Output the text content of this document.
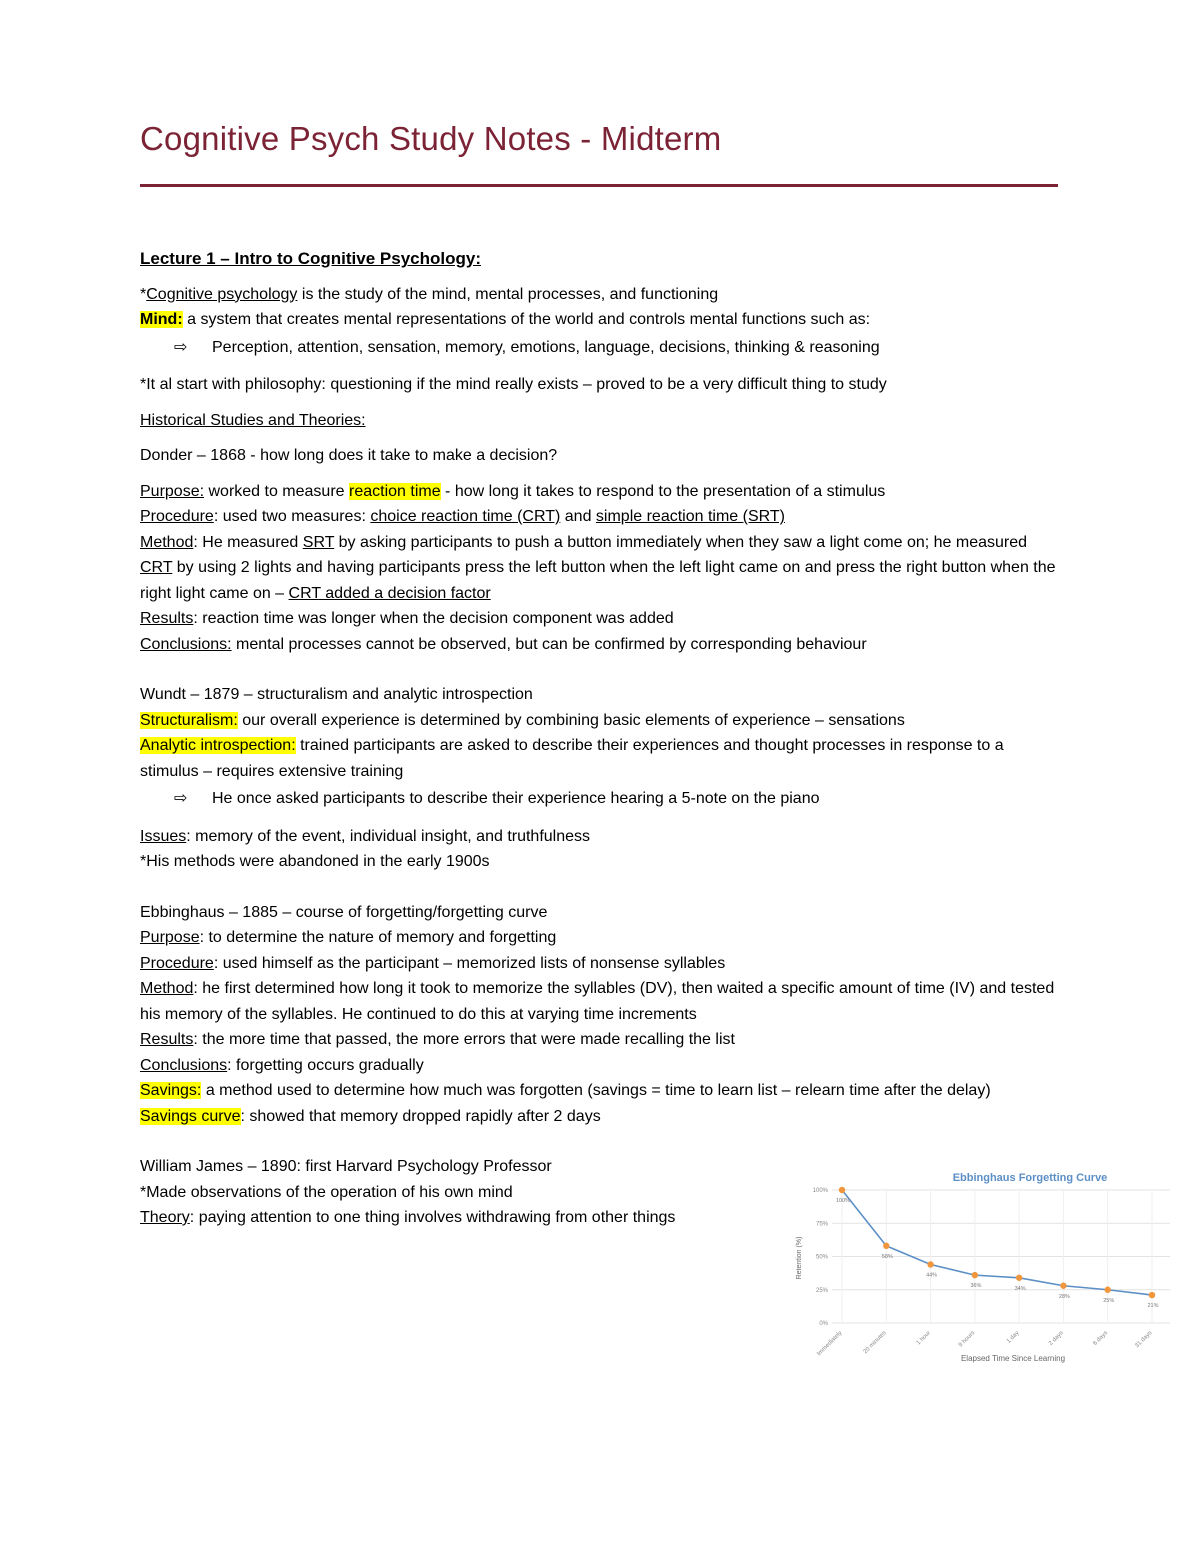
Cognitive Psych Study Notes - Midterm

Lecture 1 – Intro to Cognitive Psychology:

*Cognitive psychology is the study of the mind, mental processes, and functioning

Mind: a system that creates mental representations of the world and controls mental functions such as:

⇨	Perception, attention, sensation, memory, emotions, language, decisions, thinking & reasoning

*It al start with philosophy: questioning if the mind really exists – proved to be a very difficult thing to study

Historical Studies and Theories:

Donder – 1868 - how long does it take to make a decision?

Purpose: worked to measure reaction time - how long it takes to respond to the presentation of a stimulus

Procedure: used two measures: choice reaction time (CRT) and simple reaction time (SRT)

Method: He measured SRT by asking participants to push a button immediately when they saw a light come on; he measured CRT by using 2 lights and having participants press the left button when the left light came on and press the right button when the right light came on – CRT added a decision factor

Results: reaction time was longer when the decision component was added

Conclusions: mental processes cannot be observed, but can be confirmed by corresponding behaviour

Wundt – 1879 – structuralism and analytic introspection

Structuralism: our overall experience is determined by combining basic elements of experience – sensations

Analytic introspection: trained participants are asked to describe their experiences and thought processes in response to a stimulus – requires extensive training

⇨	He once asked participants to describe their experience hearing a 5-note on the piano

Issues: memory of the event, individual insight, and truthfulness

*His methods were abandoned in the early 1900s

Ebbinghaus – 1885 – course of forgetting/forgetting curve

Purpose: to determine the nature of memory and forgetting

Procedure: used himself as the participant – memorized lists of nonsense syllables

Method: he first determined how long it took to memorize the syllables (DV), then waited a specific amount of time (IV) and tested his memory of the syllables. He continued to do this at varying time increments

Results: the more time that passed, the more errors that were made recalling the list

Conclusions: forgetting occurs gradually

Savings: a method used to determine how much was forgotten (savings = time to learn list – relearn time after the delay)

Savings curve: showed that memory dropped rapidly after 2 days

William James – 1890: first Harvard Psychology Professor

*Made observations of the operation of his own mind

Theory: paying attention to one thing involves withdrawing from other things

Ebbinghaus Forgetting Curve
Retention (%)
Elapsed Time Since Learning
0%
25%
50%
75%
100%
Immediately	20 minutes	1 hour	9 hours	1 day	2 days	6 days	31 days
100%
58%
44%
36%	34%
28%
25%
21%
